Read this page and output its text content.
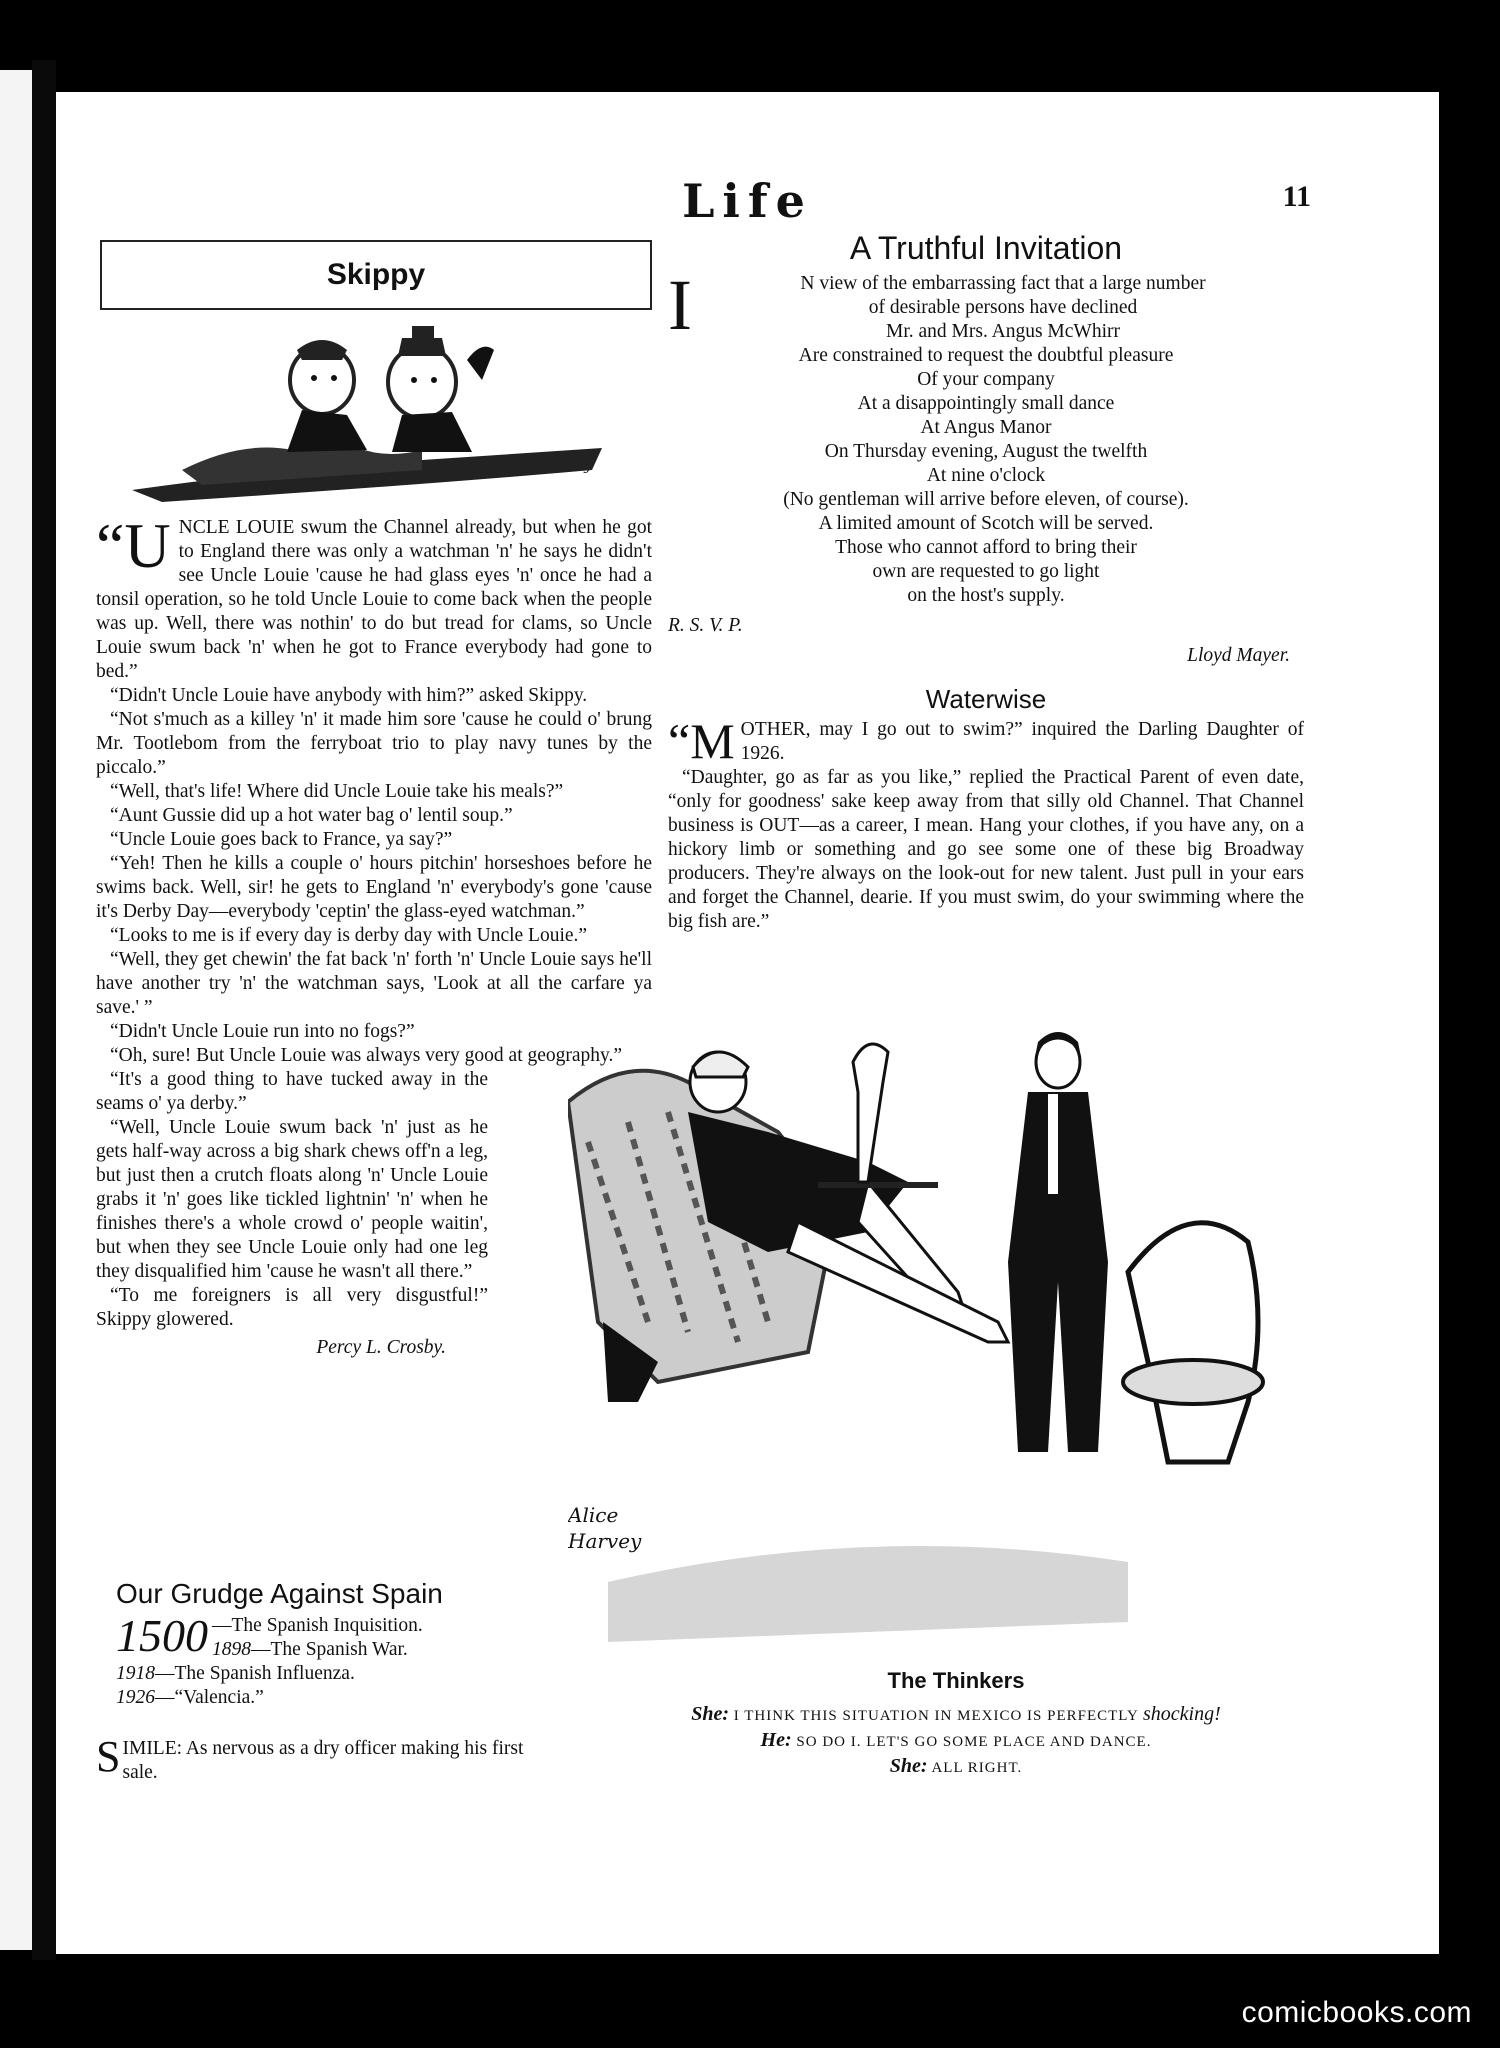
Life	11
Skippy
Crosby

“UNCLE LOUIE swum the Channel already, but when he got to England there was only a watchman 'n' he says he didn't see Uncle Louie 'cause he had glass eyes 'n' once he had a tonsil operation, so he told Uncle Louie to come back when the people was up. Well, there was nothin' to do but tread for clams, so Uncle Louie swum back 'n' when he got to France everybody had gone to bed.”

“Didn't Uncle Louie have anybody with him?” asked Skippy.

“Not s'much as a killey 'n' it made him sore 'cause he could o' brung Mr. Tootlebom from the ferryboat trio to play navy tunes by the piccalo.”

“Well, that's life! Where did Uncle Louie take his meals?”

“Aunt Gussie did up a hot water bag o' lentil soup.”

“Uncle Louie goes back to France, ya say?”

“Yeh! Then he kills a couple o' hours pitchin' horseshoes before he swims back. Well, sir! he gets to England 'n' everybody's gone 'cause it's Derby Day—everybody 'ceptin' the glass-eyed watchman.”

“Looks to me is if every day is derby day with Uncle Louie.”

“Well, they get chewin' the fat back 'n' forth 'n' Uncle Louie says he'll have another try 'n' the watchman says, 'Look at all the carfare ya save.' ”

“Didn't Uncle Louie run into no fogs?”

“Oh, sure! But Uncle Louie was always very good at geography.”

“It's a good thing to have tucked away in the seams o' ya derby.”

“Well, Uncle Louie swum back 'n' just as he gets half-way across a big shark chews off'n a leg, but just then a crutch floats along 'n' Uncle Louie grabs it 'n' goes like tickled lightnin' 'n' when he finishes there's a whole crowd o' people waitin', but when they see Uncle Louie only had one leg they disqualified him 'cause he wasn't all there.”

“To me foreigners is all very disgustful!” Skippy glowered.

Percy L. Crosby.

Our Grudge Against Spain
1500 —The Spanish Inquisition.
1898—The Spanish War.
1918—The Spanish Influenza.
1926—“Valencia.”
SIMILE: As nervous as a dry officer making his first sale.
A Truthful Invitation
I	N view of the embarrassing fact that a large number
of desirable persons have declined
Mr. and Mrs. Angus McWhirr
Are constrained to request the doubtful pleasure
Of your company
At a disappointingly small dance
At Angus Manor
On Thursday evening, August the twelfth
At nine o'clock
(No gentleman will arrive before eleven, of course).
A limited amount of Scotch will be served.
Those who cannot afford to bring their
own are requested to go light
on the host's supply.
R. S. V. P.
Lloyd Mayer.
Waterwise

“MOTHER, may I go out to swim?” inquired the Darling Daughter of 1926.

“Daughter, go as far as you like,” replied the Practical Parent of even date, “only for goodness' sake keep away from that silly old Channel. That Channel business is OUT—as a career, I mean. Hang your clothes, if you have any, on a hickory limb or something and go see some one of these big Broadway producers. They're always on the look-out for new talent. Just pull in your ears and forget the Channel, dearie. If you must swim, do your swimming where the big fish are.”

Alice
Harvey
The Thinkers
She: I THINK THIS SITUATION IN MEXICO IS PERFECTLY shocking!
He: SO DO I. LET'S GO SOME PLACE AND DANCE.
She: ALL RIGHT.
comicbooks.com
